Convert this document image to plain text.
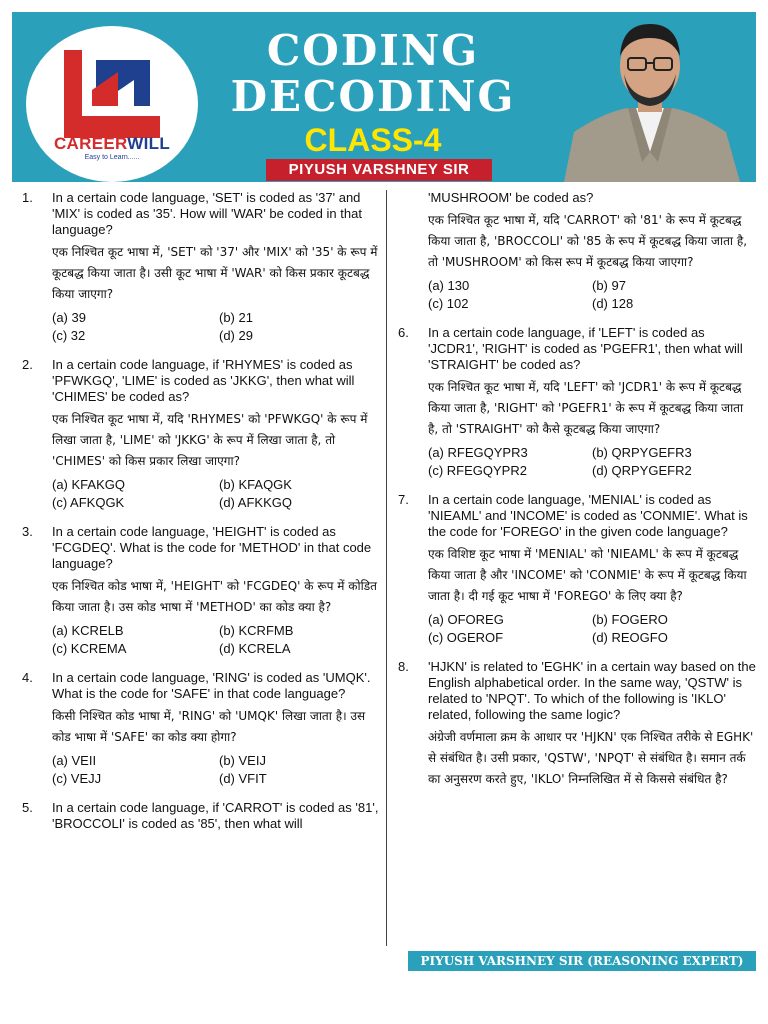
CAREERWILL
Easy to Learn......
CODING
DECODING
CLASS-4
PIYUSH VARSHNEY SIR
1. In a certain code language, 'SET' is coded as '37' and 'MIX' is coded as '35'. How will 'WAR' be coded in that language?
एक निश्चित कूट भाषा में, 'SET' को '37' और 'MIX' को '35' के रूप में कूटबद्ध किया जाता है। उसी कूट भाषा में 'WAR' को किस प्रकार कूटबद्ध किया जाएगा?
(a) 39	(b) 21
(c) 32	(d) 29
2. In a certain code language, if 'RHYMES' is coded as 'PFWKGQ', 'LIME' is coded as 'JKKG', then what will 'CHIMES' be coded as?
एक निश्चित कूट भाषा में, यदि 'RHYMES' को 'PFWKGQ' के रूप में लिखा जाता है, 'LIME' को 'JKKG' के रूप में लिखा जाता है, तो 'CHIMES' को किस प्रकार लिखा जाएगा?
(a) KFAKGQ	(b) KFAQGK
(c) AFKQGK	(d) AFKKGQ
3. In a certain code language, 'HEIGHT' is coded as 'FCGDEQ'. What is the code for 'METHOD' in that code language?
एक निश्चित कोड भाषा में, 'HEIGHT' को 'FCGDEQ' के रूप में कोडित किया जाता है। उस कोड भाषा में 'METHOD' का कोड क्या है?
(a) KCRELB	(b) KCRFMB
(c) KCREMA	(d) KCRELA
4. In a certain code language, 'RING' is coded as 'UMQK'. What is the code for 'SAFE' in that code language?
किसी निश्चित कोड भाषा में, 'RING' को 'UMQK' लिखा जाता है। उस कोड भाषा में 'SAFE' का कोड क्या होगा?
(a) VEII	(b) VEIJ
(c) VEJJ	(d) VFIT
5. In a certain code language, if 'CARROT' is coded as '81', 'BROCCOLI' is coded as '85', then what will
'MUSHROOM' be coded as?
एक निश्चित कूट भाषा में, यदि 'CARROT' को '81' के रूप में कूटबद्ध किया जाता है, 'BROCCOLI' को '85 के रूप में कूटबद्ध किया जाता है, तो 'MUSHROOM' को किस रूप में कूटबद्ध किया जाएगा?
(a) 130	(b) 97
(c) 102	(d) 128
6. In a certain code language, if 'LEFT' is coded as 'JCDR1', 'RIGHT' is coded as 'PGEFR1', then what will 'STRAIGHT' be coded as?
एक निश्चित कूट भाषा में, यदि 'LEFT' को 'JCDR1' के रूप में कूटबद्ध किया जाता है, 'RIGHT' को 'PGEFR1' के रूप में कूटबद्ध किया जाता है, तो 'STRAIGHT' को कैसे कूटबद्ध किया जाएगा?
(a) RFEGQYPR3	(b) QRPYGEFR3
(c) RFEGQYPR2	(d) QRPYGEFR2
7. In a certain code language, 'MENIAL' is coded as 'NIEAML' and 'INCOME' is coded as 'CONMIE'. What is the code for 'FOREGO' in the given code language?
एक विशिष्ट कूट भाषा में 'MENIAL' को 'NIEAML' के रूप में कूटबद्ध किया जाता है और 'INCOME' को 'CONMIE' के रूप में कूटबद्ध किया जाता है। दी गई कूट भाषा में 'FOREGO' के लिए क्या है?
(a) OFOREG	(b) FOGERO
(c) OGEROF	(d) REOGFO
8. 'HJKN' is related to 'EGHK' in a certain way based on the English alphabetical order. In the same way, 'QSTW' is related to 'NPQT'. To which of the following is 'IKLO' related, following the same logic?
अंग्रेजी वर्णमाला क्रम के आधार पर 'HJKN' एक निश्चित तरीके से EGHK' से संबंधित है। उसी प्रकार, 'QSTW', 'NPQT' से संबंधित है। समान तर्क का अनुसरण करते हुए, 'IKLO' निम्नलिखित में से किससे संबंधित है?
PIYUSH VARSHNEY SIR (REASONING EXPERT)
